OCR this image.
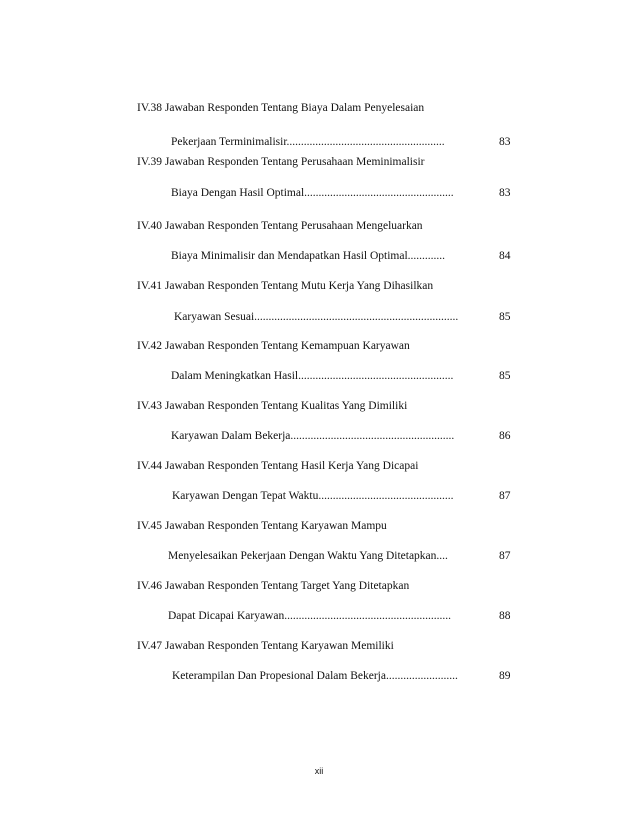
IV.38 Jawaban Responden Tentang Biaya Dalam Penyelesaian
Pekerjaan Terminimalisir.......................................................	83
IV.39 Jawaban Responden Tentang Perusahaan Meminimalisir
Biaya Dengan Hasil Optimal....................................................	83
IV.40 Jawaban Responden Tentang Perusahaan Mengeluarkan
Biaya Minimalisir dan Mendapatkan Hasil Optimal.............	84
IV.41 Jawaban Responden Tentang Mutu Kerja Yang Dihasilkan
Karyawan Sesuai.......................................................................	85
IV.42 Jawaban Responden Tentang Kemampuan Karyawan
Dalam Meningkatkan Hasil......................................................	85
IV.43 Jawaban Responden Tentang Kualitas Yang Dimiliki
Karyawan Dalam Bekerja.........................................................	86
IV.44 Jawaban Responden Tentang Hasil Kerja Yang Dicapai
Karyawan Dengan Tepat Waktu...............................................	87
IV.45 Jawaban Responden Tentang Karyawan Mampu
Menyelesaikan Pekerjaan Dengan Waktu Yang Ditetapkan....	87
IV.46 Jawaban Responden Tentang Target Yang Ditetapkan
Dapat Dicapai Karyawan..........................................................	88
IV.47 Jawaban Responden Tentang Karyawan Memiliki
Keterampilan Dan Propesional Dalam Bekerja.........................	89
xii
